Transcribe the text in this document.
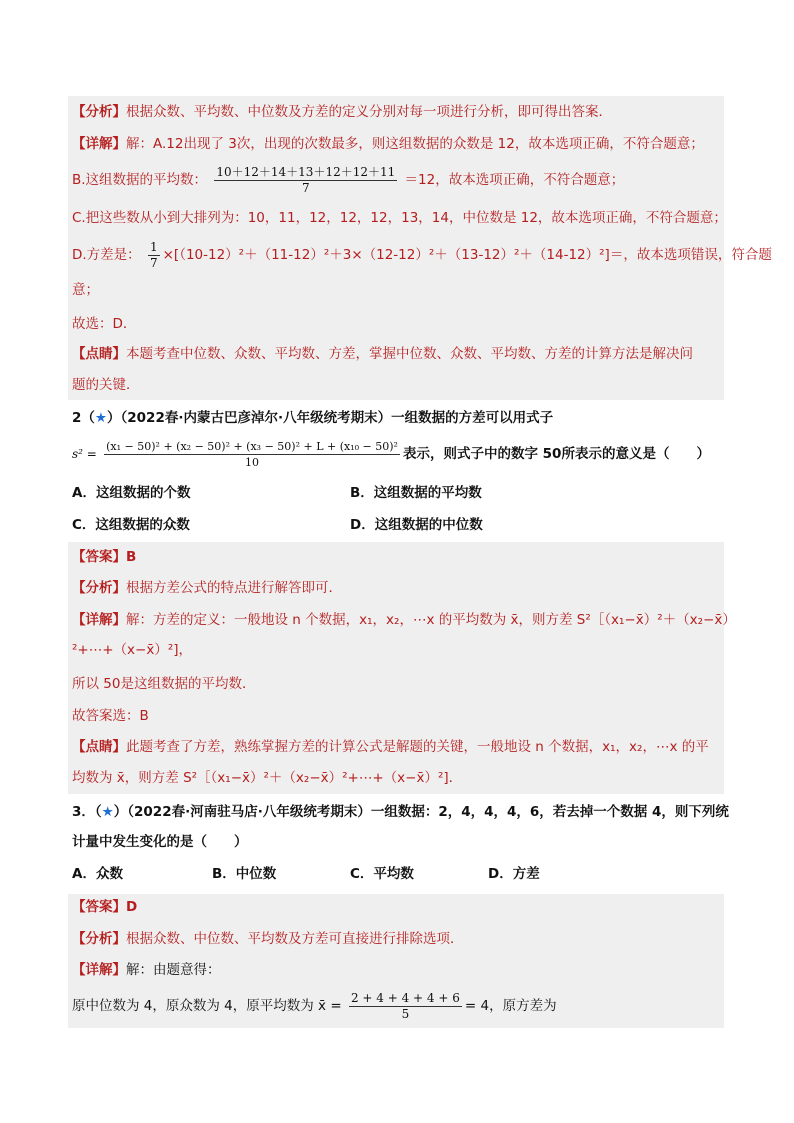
【分析】根据众数、平均数、中位数及方差的定义分别对每一项进行分析，即可得出答案．
【详解】解：A.12出现了 3次，出现的次数最多，则这组数据的众数是 12，故本选项正确，不符合题意；
B.这组数据的平均数： $\frac{10+12+14+13+12+12+11}{7} =12$，故本选项正确，不符合题意；
C.把这些数从小到大排列为：10，11，12，12，12，13，14，中位数是 12，故本选项正确，不符合题意；
D.方差是： $\frac{1}{7} \times[(10-12)^2+(11-12)^2+3\times(12-12)^2+(13-12)^2+(14-12)^2]=$，故本选项错误，符合题
意；
故选：D．
【点睛】本题考查中位数、众数、平均数、方差，掌握中位数、众数、平均数、方差的计算方法是解决问
题的关键．
2（★）（2022春·内蒙古巴彦淖尔·八年级统考期末）一组数据的方差可以用式子
$s^2 = \frac{\text{(x₁ − 50)² + (x₂ − 50)² + (x₃ − 50)² + L + (x₁₀ − 50)²}}{10}$ 表示，则式子中的数字 50所表示的意义是（　　）
A．这组数据的个数	B．这组数据的平均数
C．这组数据的众数	D．这组数据的中位数
【答案】B
【分析】根据方差公式的特点进行解答即可．
【详解】解：方差的定义：一般地设 n 个数据，x₁，x₂，⋯x 的平均数为 x̄，则方差 S²［（x₁−x̄）²＋（x₂−x̄）
²+⋯+（x−x̄）²]，
所以 50是这组数据的平均数．
故答案选：B
【点睛】此题考查了方差，熟练掌握方差的计算公式是解题的关键，一般地设 n 个数据，x₁，x₂，⋯x 的平
均数为 x̄，则方差 S²［（x₁−x̄）²＋（x₂−x̄）²+⋯+（x−x̄）²]．
3．（★）（2022春·河南驻马店·八年级统考期末）一组数据：2，4，4，4，6，若去掉一个数据 4，则下列统
计量中发生变化的是（　　）
A．众数	B．中位数	C．平均数	D．方差
【答案】D
【分析】根据众数、中位数、平均数及方差可直接进行排除选项．
【详解】解：由题意得：
原中位数为 4，原众数为 4，原平均数为 x̄ = $\frac{2 + 4 + 4 + 4 + 6}{5} = 4$，原方差为
